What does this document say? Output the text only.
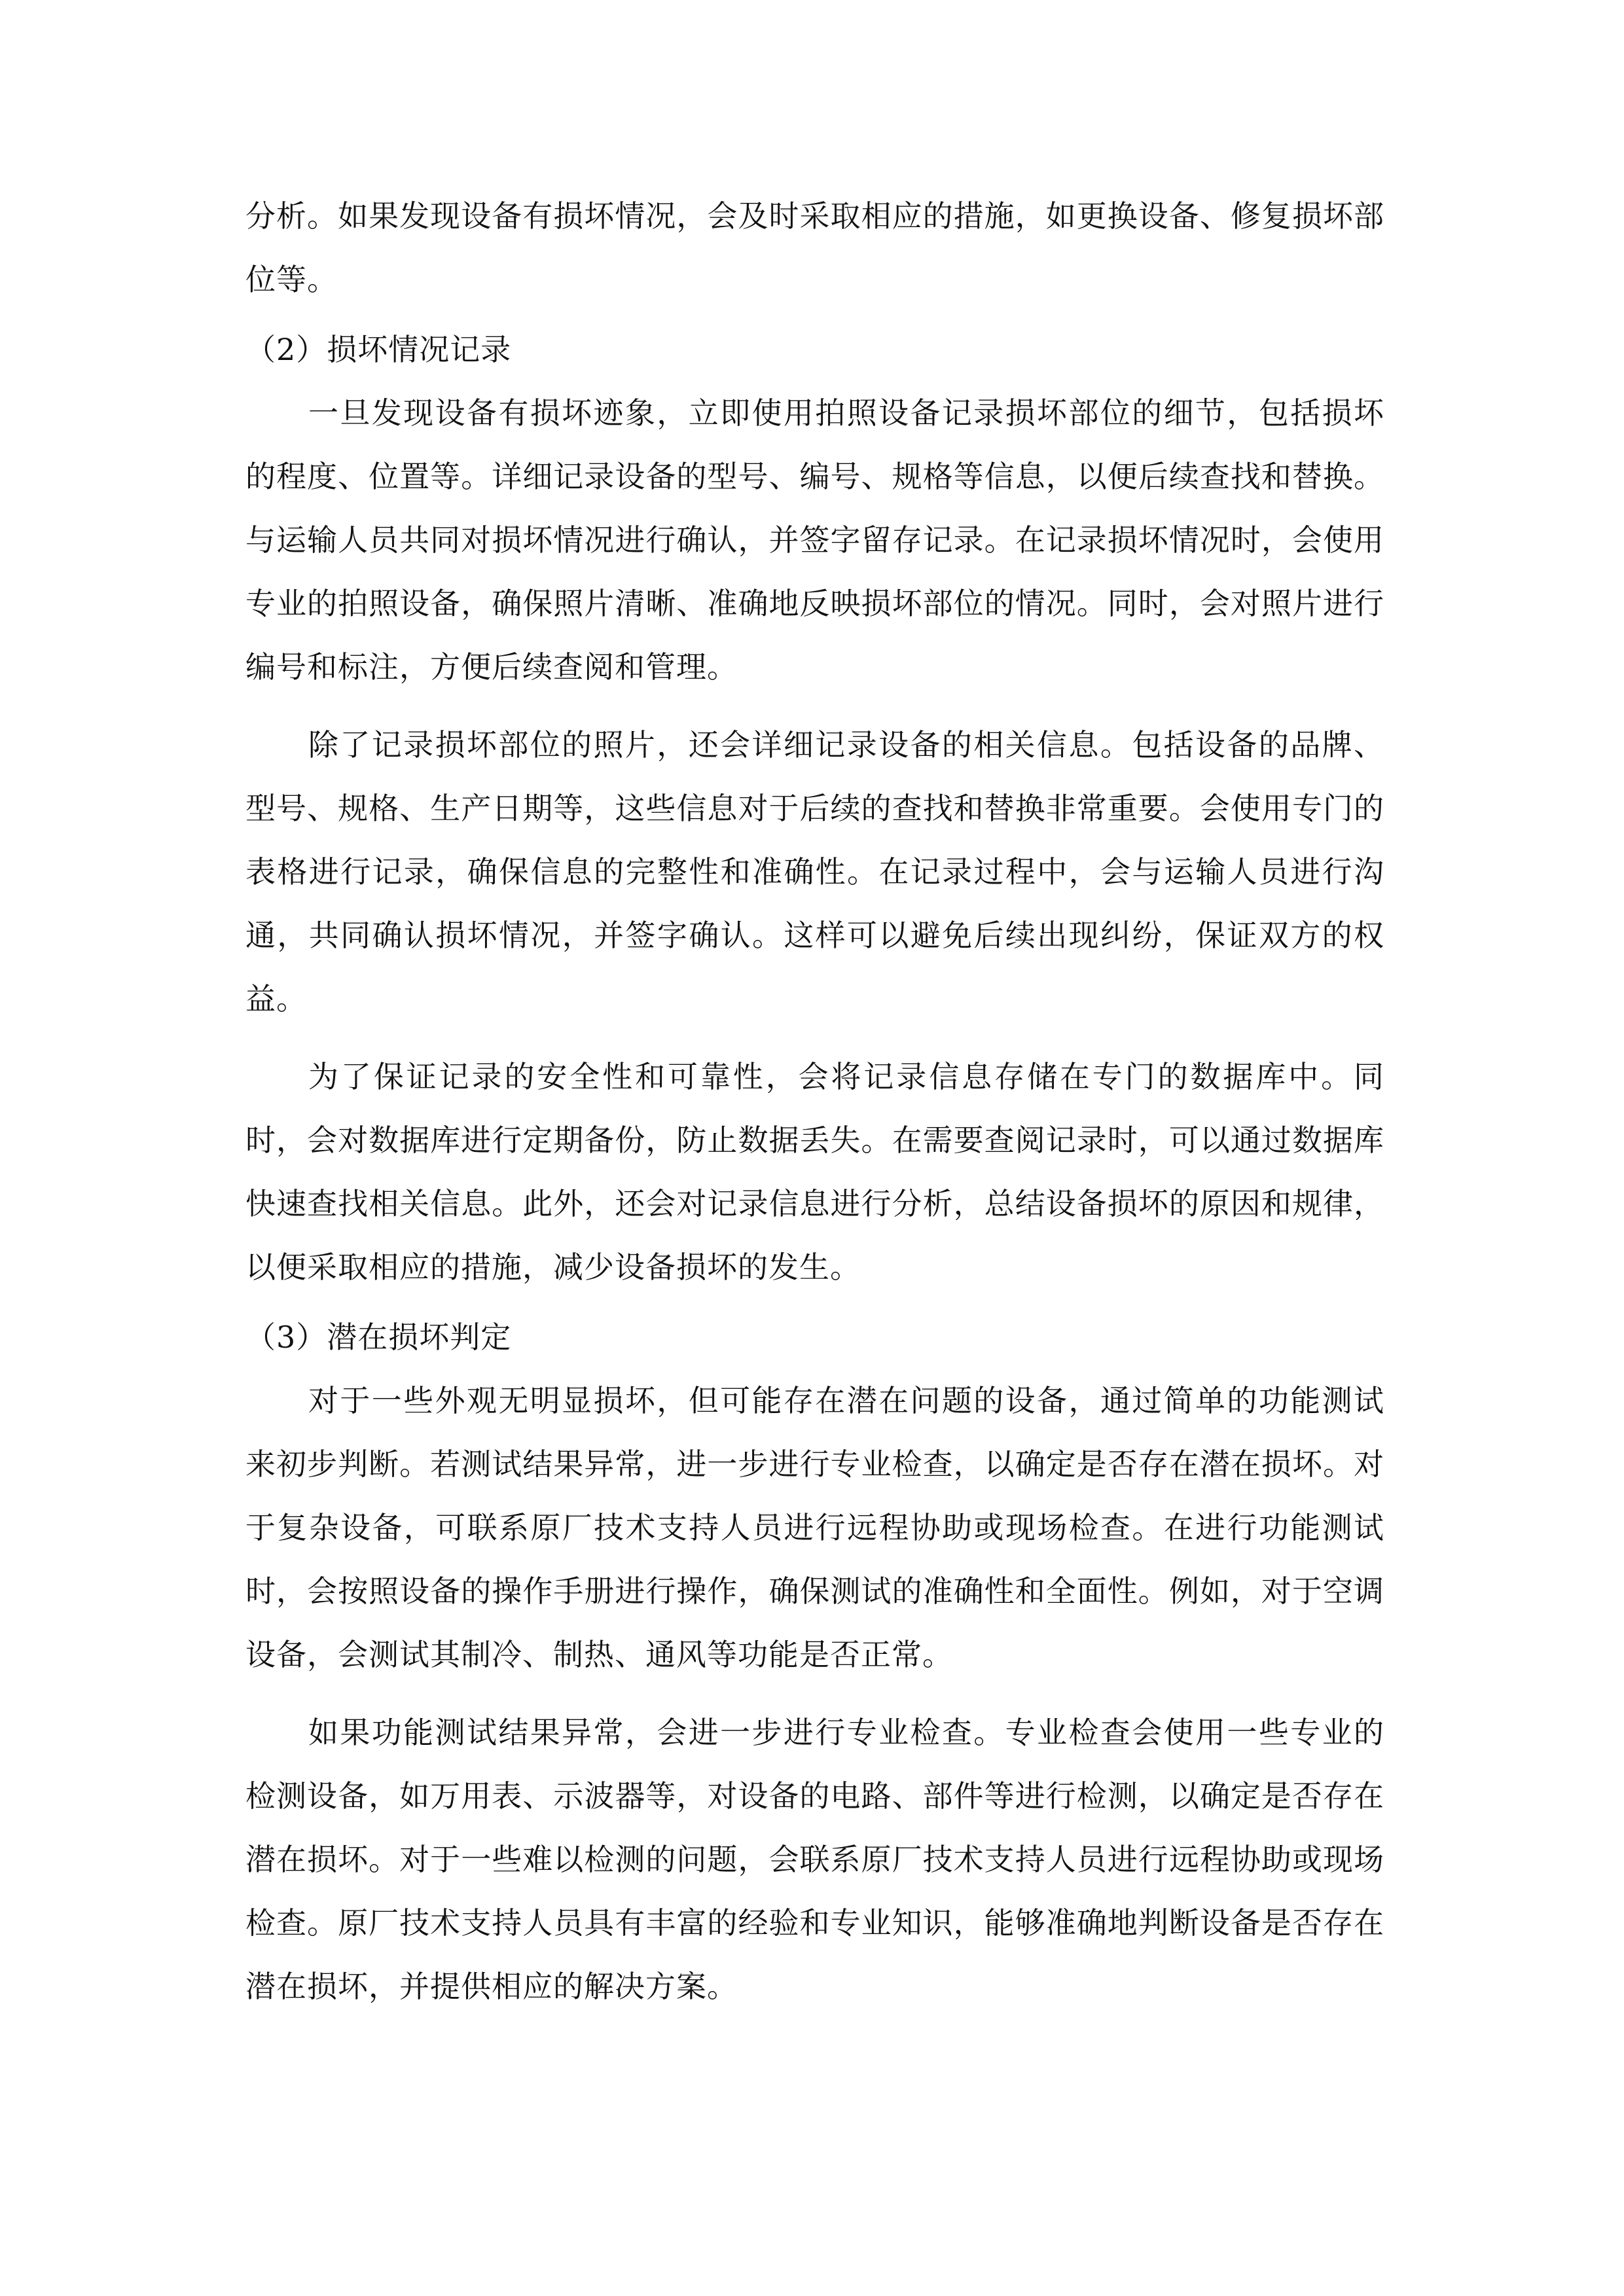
分析。如果发现设备有损坏情况，会及时采取相应的措施，如更换设备、修复损坏部位等。

（2）损坏情况记录

一旦发现设备有损坏迹象，立即使用拍照设备记录损坏部位的细节，包括损坏的程度、位置等。详细记录设备的型号、编号、规格等信息，以便后续查找和替换。与运输人员共同对损坏情况进行确认，并签字留存记录。在记录损坏情况时，会使用专业的拍照设备，确保照片清晰、准确地反映损坏部位的情况。同时，会对照片进行编号和标注，方便后续查阅和管理。

除了记录损坏部位的照片，还会详细记录设备的相关信息。包括设备的品牌、型号、规格、生产日期等，这些信息对于后续的查找和替换非常重要。会使用专门的表格进行记录，确保信息的完整性和准确性。在记录过程中，会与运输人员进行沟通，共同确认损坏情况，并签字确认。这样可以避免后续出现纠纷，保证双方的权益。

为了保证记录的安全性和可靠性，会将记录信息存储在专门的数据库中。同时，会对数据库进行定期备份，防止数据丢失。在需要查阅记录时，可以通过数据库快速查找相关信息。此外，还会对记录信息进行分析，总结设备损坏的原因和规律，以便采取相应的措施，减少设备损坏的发生。

（3）潜在损坏判定

对于一些外观无明显损坏，但可能存在潜在问题的设备，通过简单的功能测试来初步判断。若测试结果异常，进一步进行专业检查，以确定是否存在潜在损坏。对于复杂设备，可联系原厂技术支持人员进行远程协助或现场检查。在进行功能测试时，会按照设备的操作手册进行操作，确保测试的准确性和全面性。例如，对于空调设备，会测试其制冷、制热、通风等功能是否正常。

如果功能测试结果异常，会进一步进行专业检查。专业检查会使用一些专业的检测设备，如万用表、示波器等，对设备的电路、部件等进行检测，以确定是否存在潜在损坏。对于一些难以检测的问题，会联系原厂技术支持人员进行远程协助或现场检查。原厂技术支持人员具有丰富的经验和专业知识，能够准确地判断设备是否存在潜在损坏，并提供相应的解决方案。
